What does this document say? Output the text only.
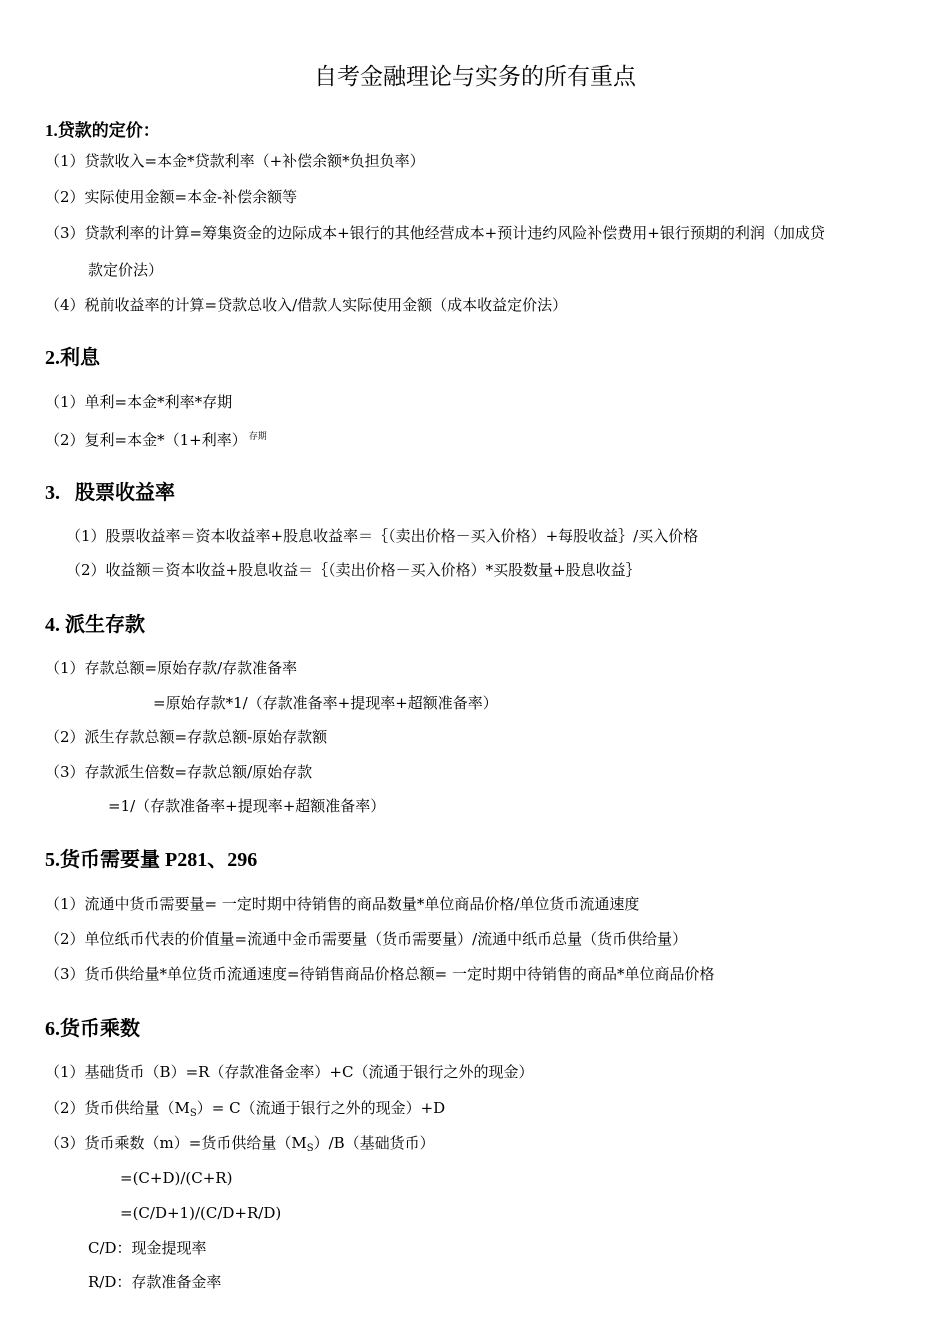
自考金融理论与实务的所有重点
1.贷款的定价：

（1）贷款收入=本金*贷款利率（+补偿余额*负担负率）

（2）实际使用金额=本金-补偿余额等

（3）贷款利率的计算=筹集资金的边际成本+银行的其他经营成本+预计违约风险补偿费用+银行预期的利润（加成贷

款定价法）

（4）税前收益率的计算=贷款总收入/借款人实际使用金额（成本收益定价法）

2.利息

（1）单利=本金*利率*存期

（2）复利=本金*（1+利率） $^{存期}$

3.   股票收益率

（1）股票收益率＝资本收益率+股息收益率＝｛（卖出价格－买入价格）+每股收益｝/买入价格

（2）收益额＝资本收益+股息收益＝｛（卖出价格－买入价格）*买股数量+股息收益｝

4. 派生存款

（1）存款总额=原始存款/存款准备率

=原始存款*1/（存款准备率+提现率+超额准备率）

（2）派生存款总额=存款总额-原始存款额

（3）存款派生倍数=存款总额/原始存款

=1/（存款准备率+提现率+超额准备率）

5.货币需要量 P281、296

（1）流通中货币需要量= 一定时期中待销售的商品数量*单位商品价格/单位货币流通速度

（2）单位纸币代表的价值量=流通中金币需要量（货币需要量）/流通中纸币总量（货币供给量）

（3）货币供给量*单位货币流通速度=待销售商品价格总额= 一定时期中待销售的商品*单位商品价格

6.货币乘数

（1）基础货币（B）=R（存款准备金率）+C（流通于银行之外的现金）

（2）货币供给量$(M_S)= C$（流通于银行之外的现金）+D

（3）货币乘数（m）=货币供给量$(M_S)/B$（基础货币）

=(C+D)/(C+R)

=(C/D+1)/(C/D+R/D)

C/D：现金提现率

R/D：存款准备金率
